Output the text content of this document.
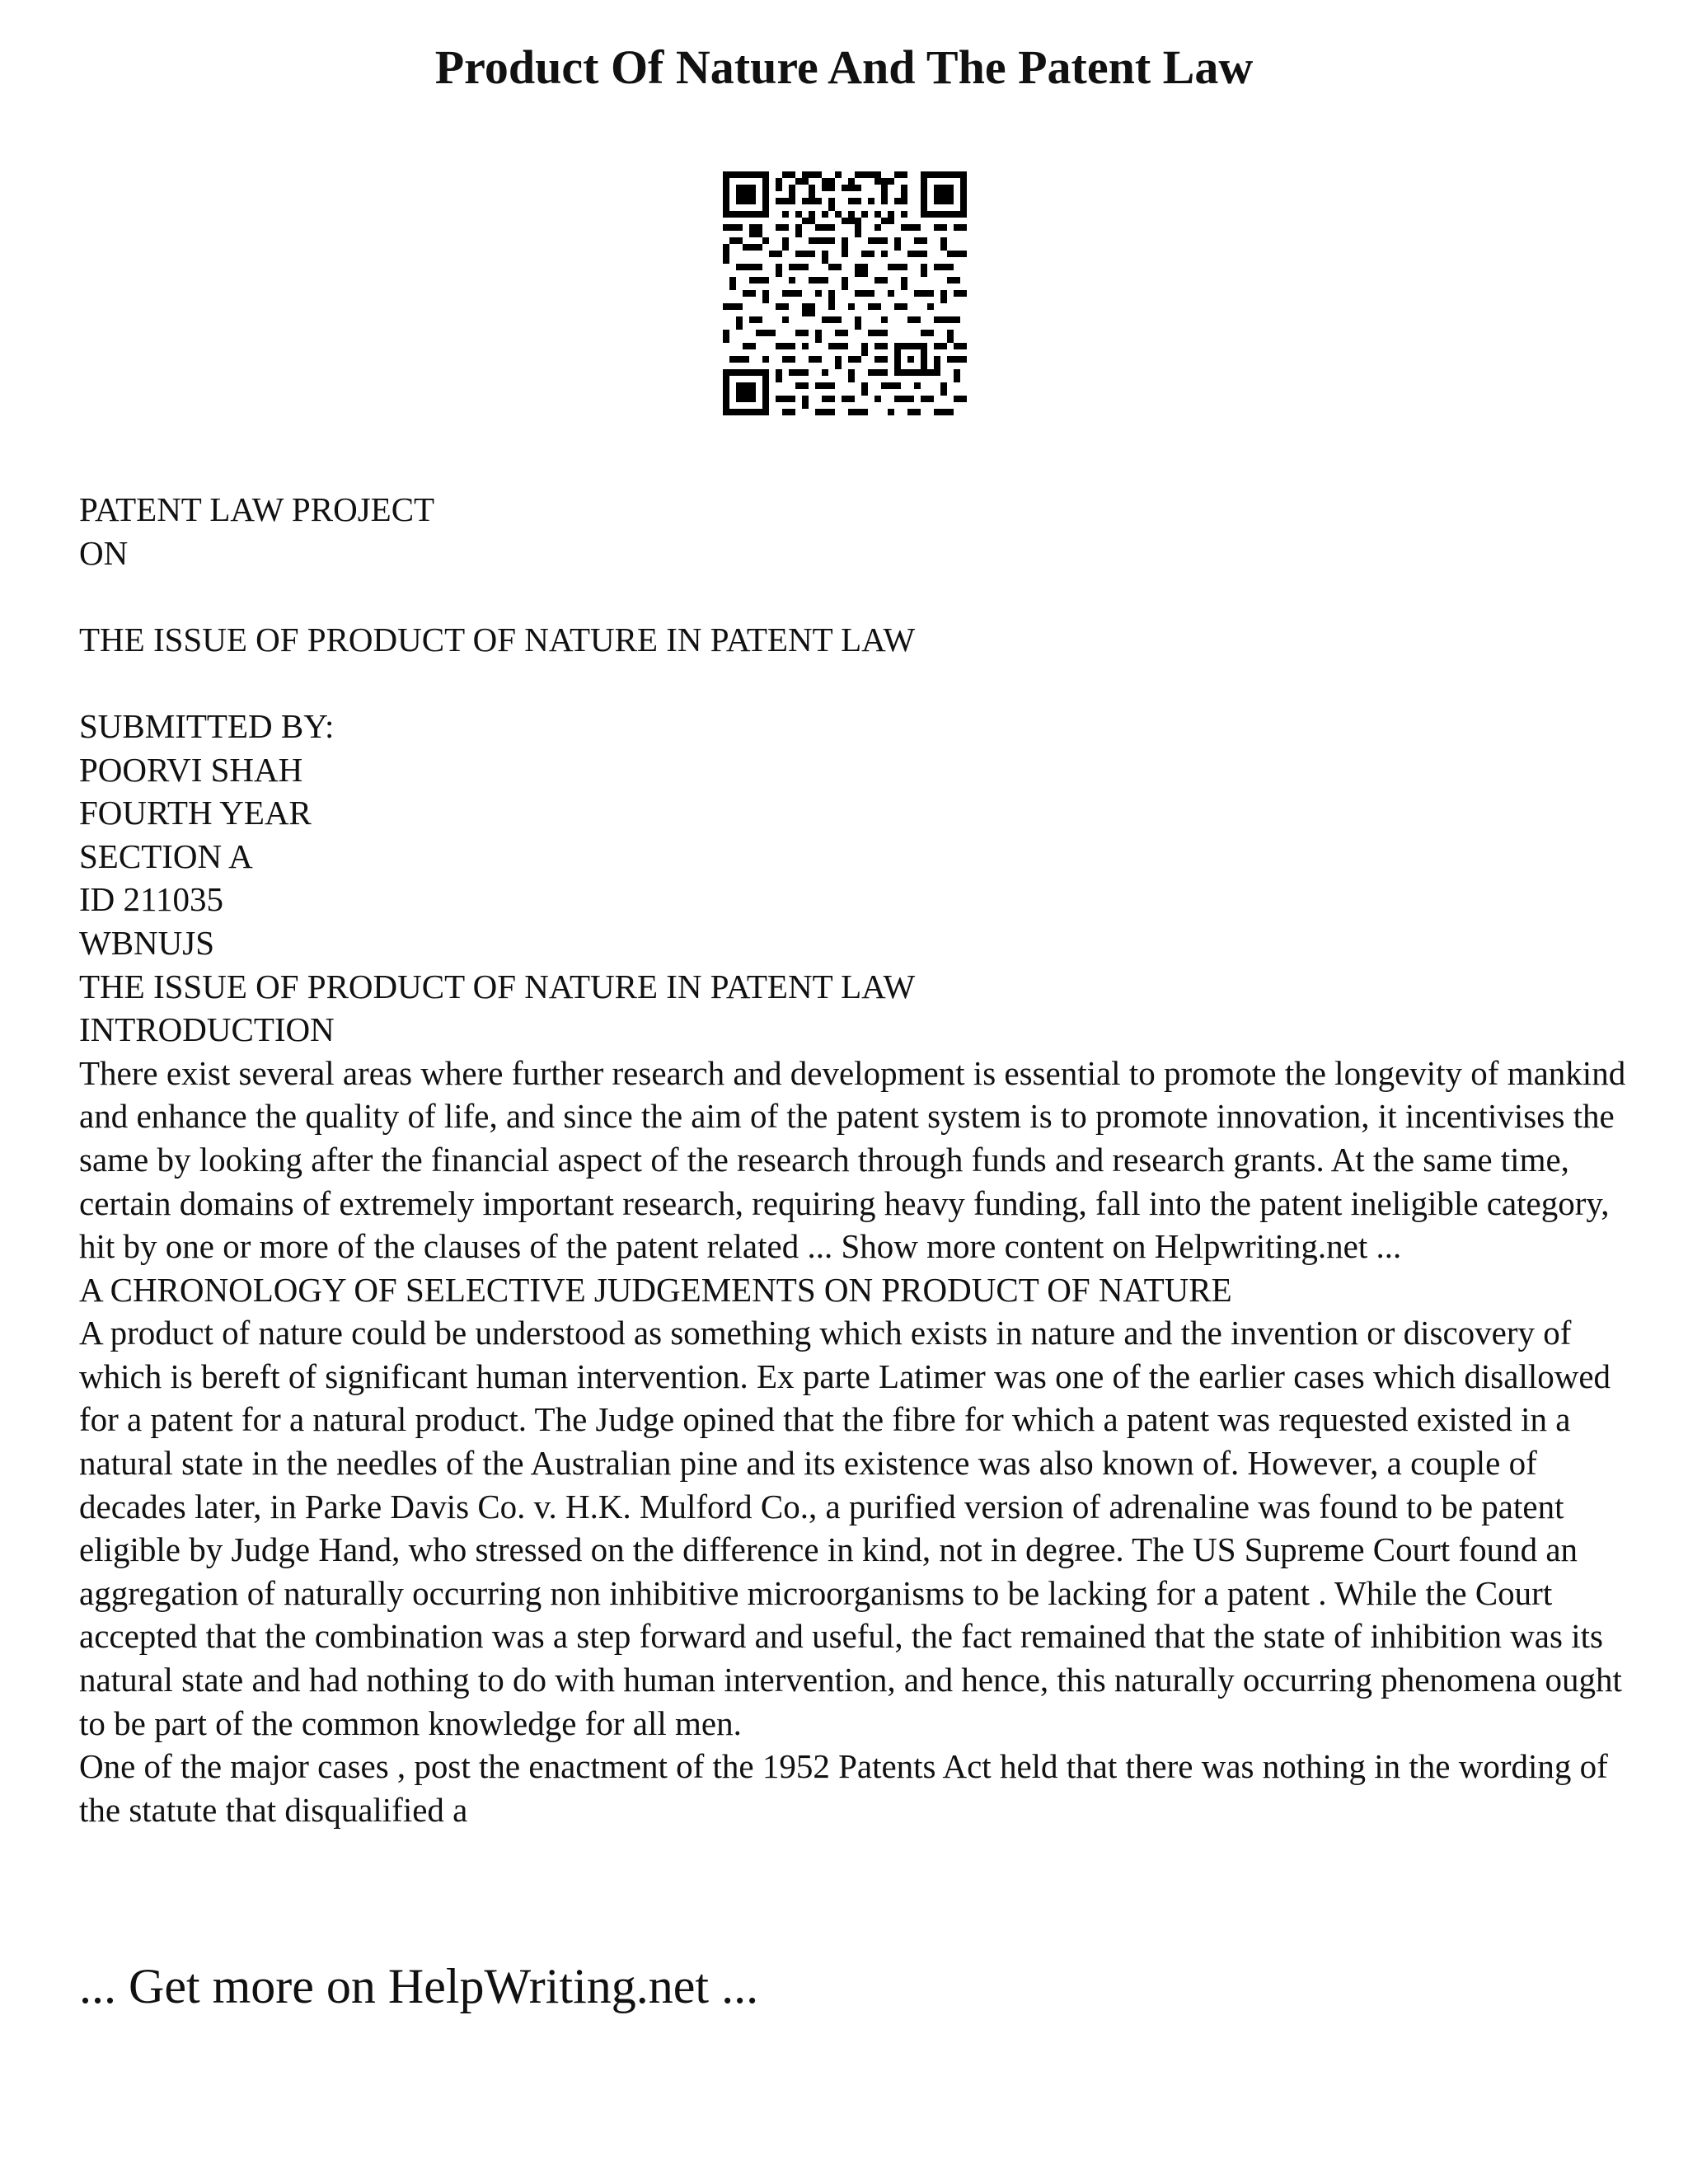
Product Of Nature And The Patent Law
PATENT LAW PROJECT
ON
THE ISSUE OF PRODUCT OF NATURE IN PATENT LAW
SUBMITTED BY:
POORVI SHAH
FOURTH YEAR
SECTION A
ID 211035
WBNUJS
THE ISSUE OF PRODUCT OF NATURE IN PATENT LAW
INTRODUCTION
There exist several areas where further research and development is essential to promote the longevity of mankind and enhance the quality of life, and since the aim of the patent system is to promote innovation, it incentivises the same by looking after the financial aspect of the research through funds and research grants. At the same time, certain domains of extremely important research, requiring heavy funding, fall into the patent ineligible category, hit by one or more of the clauses of the patent related ... Show more content on Helpwriting.net ...
A CHRONOLOGY OF SELECTIVE JUDGEMENTS ON PRODUCT OF NATURE
A product of nature could be understood as something which exists in nature and the invention or discovery of which is bereft of significant human intervention. Ex parte Latimer was one of the earlier cases which disallowed for a patent for a natural product. The Judge opined that the fibre for which a patent was requested existed in a natural state in the needles of the Australian pine and its existence was also known of. However, a couple of decades later, in Parke Davis Co. v. H.K. Mulford Co., a purified version of adrenaline was found to be patent eligible by Judge Hand, who stressed on the difference in kind, not in degree. The US Supreme Court found an aggregation of naturally occurring non inhibitive microorganisms to be lacking for a patent . While the Court accepted that the combination was a step forward and useful, the fact remained that the state of inhibition was its natural state and had nothing to do with human intervention, and hence, this naturally occurring phenomena ought to be part of the common knowledge for all men.
One of the major cases , post the enactment of the 1952 Patents Act held that there was nothing in the wording of the statute that disqualified a

... Get more on HelpWriting.net ...
